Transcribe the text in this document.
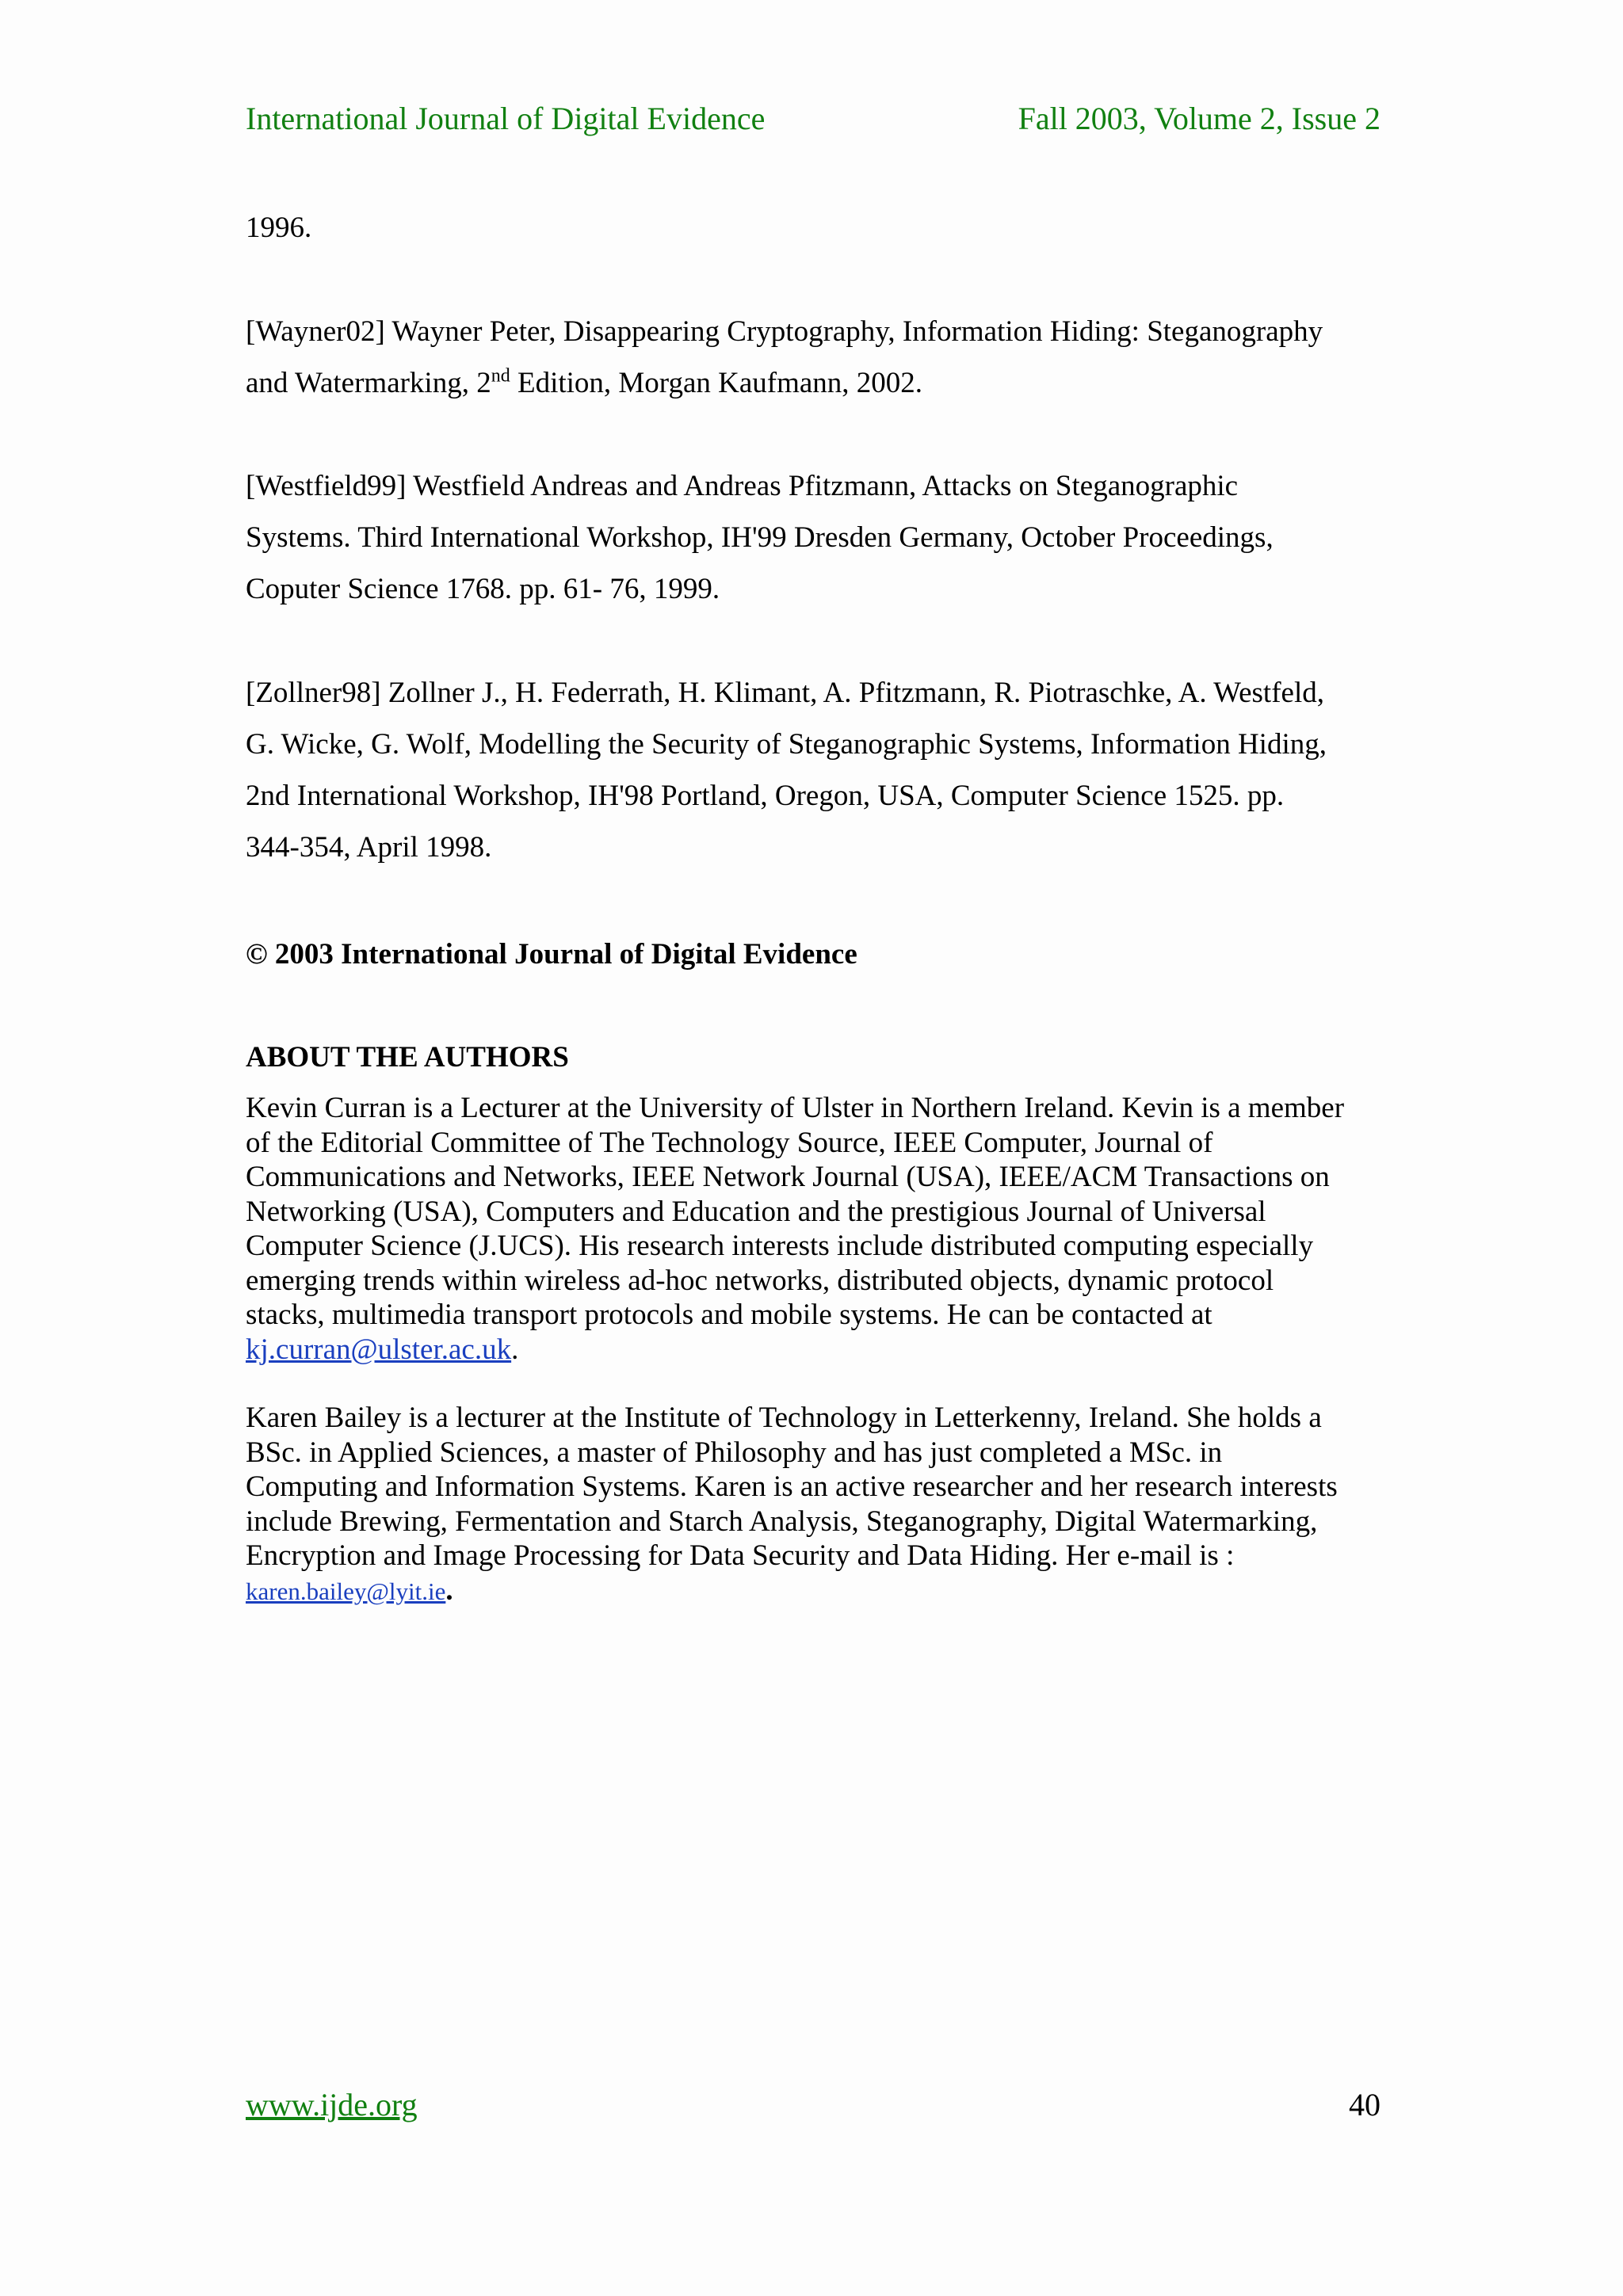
International Journal of Digital Evidence	Fall 2003, Volume 2, Issue 2
1996.
[Wayner02] Wayner Peter, Disappearing Cryptography, Information Hiding: Steganography
and Watermarking, 2nd Edition, Morgan Kaufmann, 2002.
[Westfield99] Westfield Andreas and Andreas Pfitzmann, Attacks on Steganographic
Systems. Third International Workshop, IH'99 Dresden Germany, October Proceedings,
Coputer Science 1768. pp. 61- 76, 1999.
[Zollner98] Zollner J., H. Federrath, H. Klimant, A. Pfitzmann, R. Piotraschke, A. Westfeld,
G. Wicke, G. Wolf, Modelling the Security of Steganographic Systems, Information Hiding,
2nd International Workshop, IH'98 Portland, Oregon, USA, Computer Science 1525. pp.
344-354, April 1998.
© 2003 International Journal of Digital Evidence
ABOUT THE AUTHORS
Kevin Curran is a Lecturer at the University of Ulster in Northern Ireland. Kevin is a member
of the Editorial Committee of The Technology Source, IEEE Computer, Journal of
Communications and Networks, IEEE Network Journal (USA), IEEE/ACM Transactions on
Networking (USA), Computers and Education and the prestigious Journal of Universal
Computer Science (J.UCS). His research interests include distributed computing especially
emerging trends within wireless ad-hoc networks, distributed objects, dynamic protocol
stacks, multimedia transport protocols and mobile systems. He can be contacted at
kj.curran@ulster.ac.uk.
Karen Bailey is a lecturer at the Institute of Technology in Letterkenny, Ireland. She holds a
BSc. in Applied Sciences, a master of Philosophy and has just completed a MSc. in
Computing and Information Systems. Karen is an active researcher and her research interests
include Brewing, Fermentation and Starch Analysis, Steganography, Digital Watermarking,
Encryption and Image Processing for Data Security and Data Hiding. Her e-mail is :
karen.bailey@lyit.ie.
www.ijde.org	40
